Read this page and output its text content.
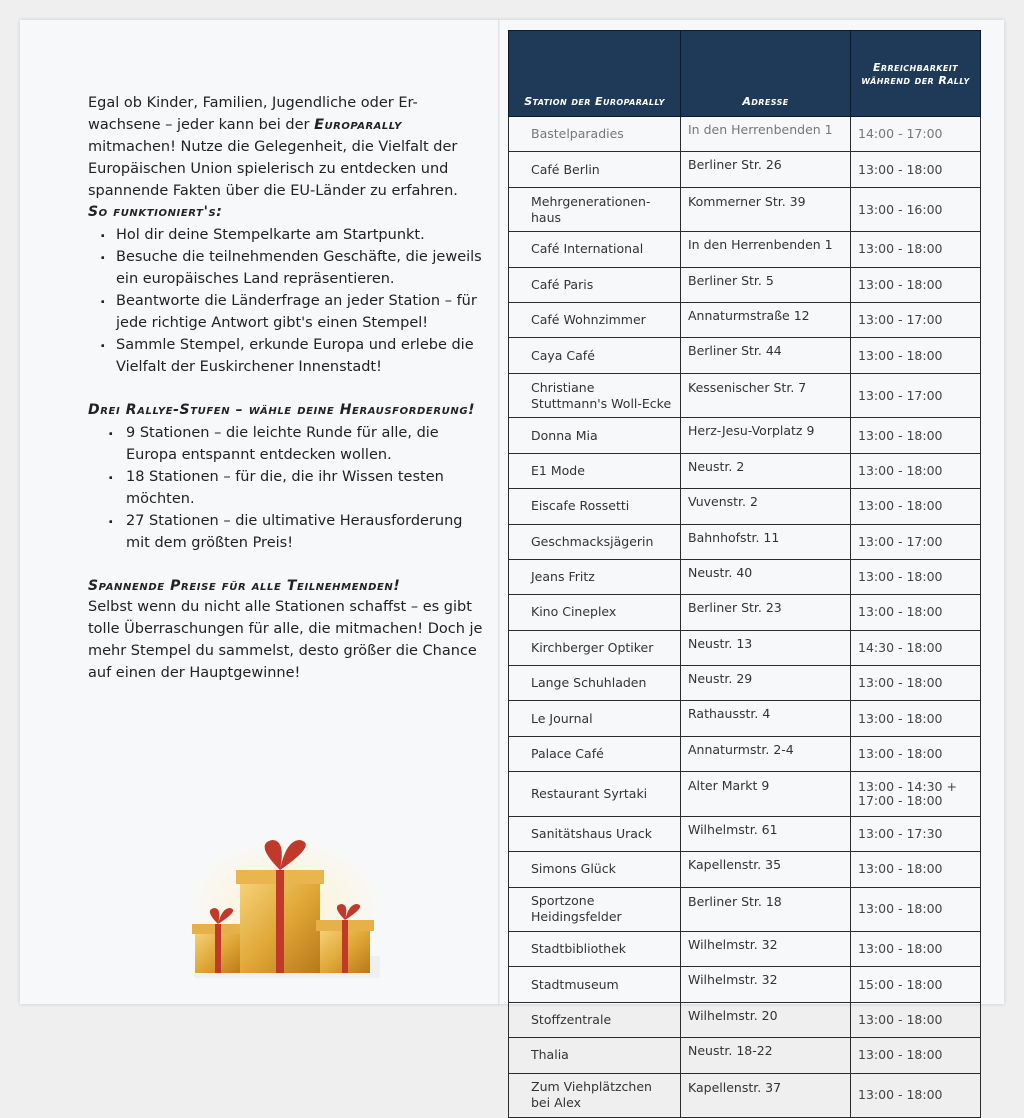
Egal ob Kinder, Familien, Jugendliche oder Er-wachsene – jeder kann bei der Europarally mitmachen! Nutze die Gelegenheit, die Vielfalt der Europäischen Union spielerisch zu entdecken und spannende Fakten über die EU-Länder zu erfahren.

So funktioniert's:
. Hol dir deine Stempelkarte am Startpunkt.
. Besuche die teilnehmenden Geschäfte, die jeweils ein europäisches Land repräsentieren.
. Beantworte die Länderfrage an jeder Station – für jede richtige Antwort gibt's einen Stempel!
. Sammle Stempel, erkunde Europa und erlebe die Vielfalt der Euskirchener Innenstadt!
Drei Rallye-Stufen – wähle deine Herausforderung!
. 9 Stationen – die leichte Runde für alle, die Europa entspannt entdecken wollen.
. 18 Stationen – für die, die ihr Wissen testen möchten.
. 27 Stationen – die ultimative Herausforderung mit dem größten Preis!
Spannende Preise für alle Teilnehmenden!

Selbst wenn du nicht alle Stationen schaffst – es gibt tolle Überraschungen für alle, die mitmachen! Doch je mehr Stempel du sammelst, desto größer die Chance auf einen der Hauptgewinne!

Station der Europarally	Adresse	Erreichbarkeit während der Rally
Bastelparadies	In den Herrenbenden 1	14:00 - 17:00
Café Berlin	Berliner Str. 26	13:00 - 18:00
Mehrgenerationen-haus	Kommerner Str. 39	13:00 - 16:00
Café International	In den Herrenbenden 1	13:00 - 18:00
Café Paris	Berliner Str. 5	13:00 - 18:00
Café Wohnzimmer	Annaturmstraße 12	13:00 - 17:00
Caya Café	Berliner Str. 44	13:00 - 18:00
Christiane Stuttmann's Woll-Ecke	Kessenischer Str. 7	13:00 - 17:00
Donna Mia	Herz-Jesu-Vorplatz 9	13:00 - 18:00
E1 Mode	Neustr. 2	13:00 - 18:00
Eiscafe Rossetti	Vuvenstr. 2	13:00 - 18:00
Geschmacksjägerin	Bahnhofstr. 11	13:00 - 17:00
Jeans Fritz	Neustr. 40	13:00 - 18:00
Kino Cineplex	Berliner Str. 23	13:00 - 18:00
Kirchberger Optiker	Neustr. 13	14:30 - 18:00
Lange Schuhladen	Neustr. 29	13:00 - 18:00
Le Journal	Rathausstr. 4	13:00 - 18:00
Palace Café	Annaturmstr. 2-4	13:00 - 18:00
Restaurant Syrtaki	Alter Markt 9	13:00 - 14:30 + 17:00 - 18:00
Sanitätshaus Urack	Wilhelmstr. 61	13:00 - 17:30
Simons Glück	Kapellenstr. 35	13:00 - 18:00
Sportzone Heidingsfelder	Berliner Str. 18	13:00 - 18:00
Stadtbibliothek	Wilhelmstr. 32	13:00 - 18:00
Stadtmuseum	Wilhelmstr. 32	15:00 - 18:00
Stoffzentrale	Wilhelmstr. 20	13:00 - 18:00
Thalia	Neustr. 18-22	13:00 - 18:00
Zum Viehplätzchen bei Alex	Kapellenstr. 37	13:00 - 18:00
